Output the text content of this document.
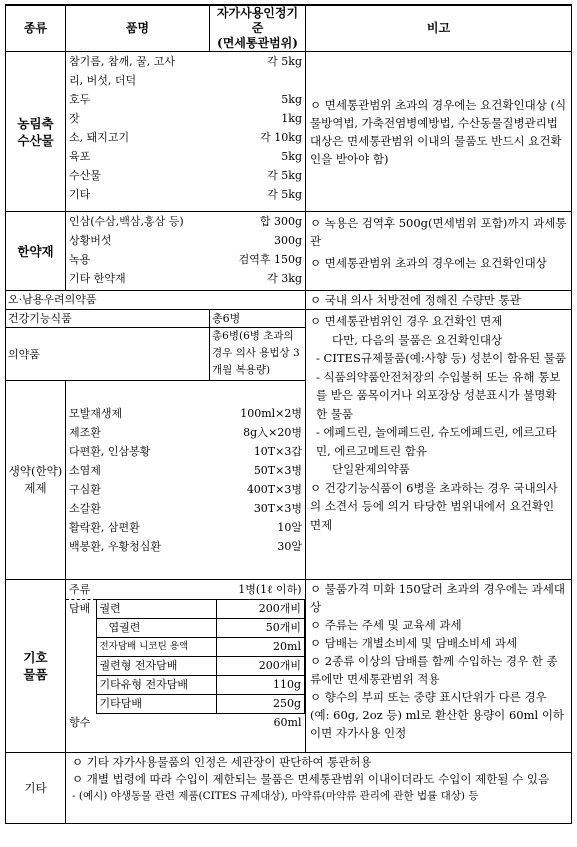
종류	품명	자가사용인정기준
(면세통관범위)	비고
농림축
수산물	
참기름, 참깨, 꿀, 고사	각 5kg
리, 버섯, 더덕	
호두	5kg
잣	1kg
소, 돼지고기	각 10kg
육포	5kg
수산물	각 5kg
기타	각 5kg
	ㅇ 면세통관범위 초과의 경우에는 요건확인대상 (식물방역법, 가축전염병예방법, 수산동물질병관리법 대상은 면세통관범위 이내의 물품도 반드시 요건확인을 받아야 함)
한약재	
인삼(수삼,백삼,홍삼 등)	합 300g
상황버섯	300g
녹용	검역후 150g
기타 한약재	각 3kg

ㅇ 녹용은 검역후 500g(면세범위 포함)까지 과세통관
ㅇ 면세통관범위 초과의 경우에는 요건확인대상

오·남용우려의약품	ㅇ 국내 의사 처방전에 정해진 수량만 통관
건강기능식품	총6병	ㅇ 면세통관범위인 경우 요건확인 면제
다만, 다음의 물품은 요건확인대상
- CITES규제물품(예:사향 등) 성분이 함유된 물품
- 식품의약품안전처장의 수입불허 또는 유해 통보를 받은 품목이거나 외포장상 성분표시가 불명확한 물품
- 에페드린, 놀에페드린, 슈도에페드린, 에르고타민, 에르고메트린 함유
단일완제의약품
ㅇ 건강기능식품이 6병을 초과하는 경우 국내의사의 소견서 등에 의거 타당한 범위내에서 요건확인 면제

의약품	총6병(6병 초과의 경우 의사 용법상 3개월 복용량)
생약(한약) 제제	
모발재생제	100ml×2병
제조환	8g入×20병
다편환, 인삼봉황	10T×3갑
소염제	50T×3병
구심환	400T×3병
소갈환	30T×3병
활락환, 삼편환	10알
백봉환, 우황청심환	30알

기호
물품	
주류	1병(1ℓ 이하)
담배	궐련	200개비
	엽궐련	50개비
	전자담배 니코틴 용액	20ml
	궐련형 전자담배	200개비
	기타유형 전자담배	110g
	기타담배	250g
향수	60ml

ㅇ 물품가격 미화 150달러 초과의 경우에는 과세대상
ㅇ 주류는 주세 및 교육세 과세
ㅇ 담배는 개별소비세 및 담배소비세 과세
ㅇ 2종류 이상의 담배를 함께 수입하는 경우 한 종류에만 면세통관범위 적용
ㅇ 향수의 부피 또는 중량 표시단위가 다른 경우 (예: 60g, 2oz 등) ml로 환산한 용량이 60ml 이하이면 자가사용 인정

기타	
ㅇ 기타 자가사용물품의 인정은 세관장이 판단하여 통관허용
ㅇ 개별 법령에 따라 수입이 제한되는 물품은 면세통관범위 이내이더라도 수입이 제한될 수 있음
- (예시) 야생동물 관련 제품(CITES 규제대상), 마약류(마약류 관리에 관한 법률 대상) 등
